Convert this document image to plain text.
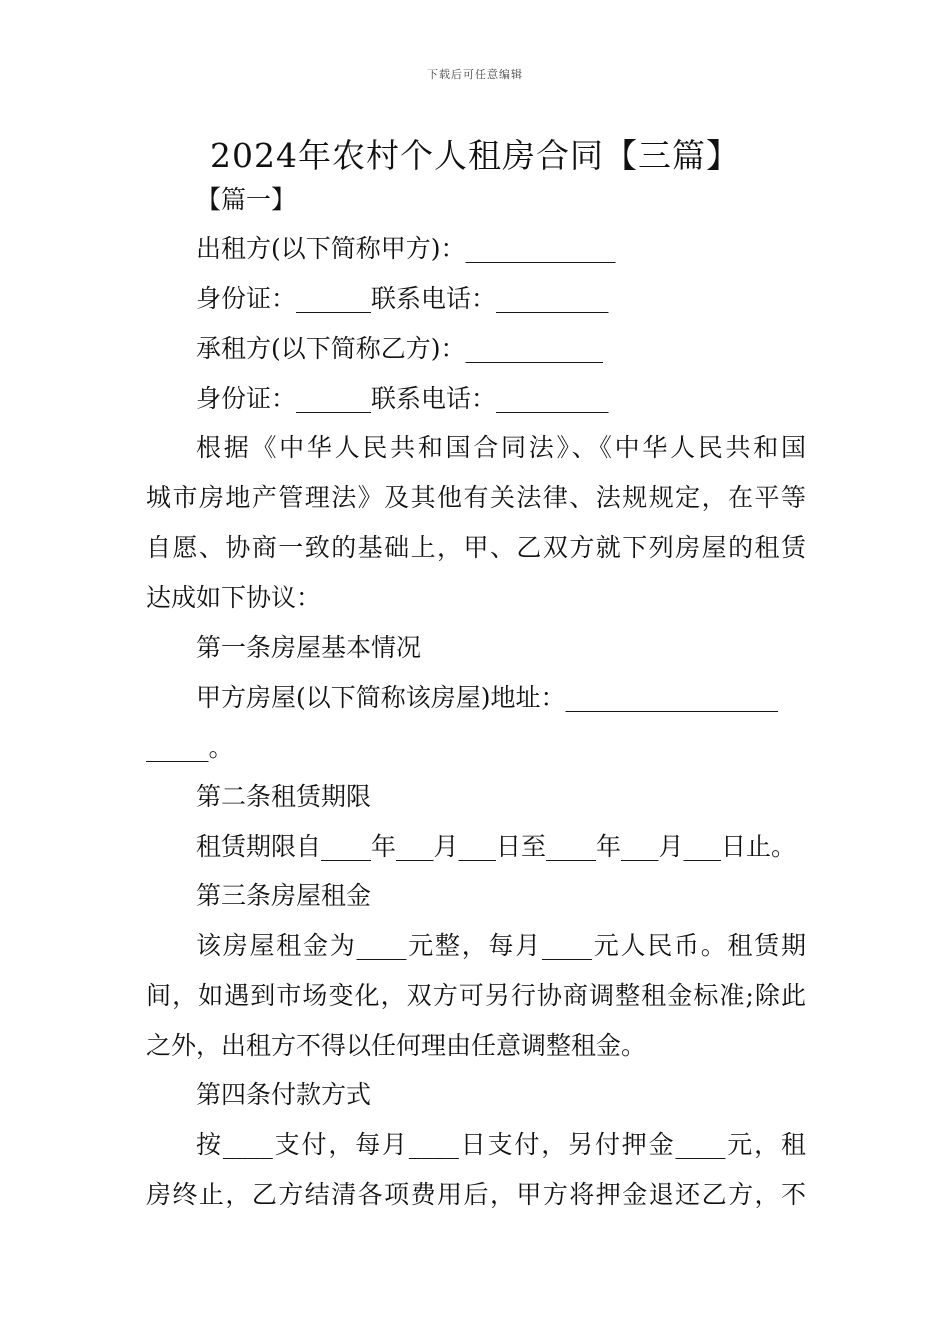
下载后可任意编辑
2024年农村个人租房合同【三篇】
【篇一】
出租方(以下简称甲方)：____________
身份证：______联系电话：_________
承租方(以下简称乙方)：___________
身份证：______联系电话：_________
根据《中华人民共和国合同法》、《中华人民共和国
城市房地产管理法》及其他有关法律、法规规定，在平等
自愿、协商一致的基础上，甲、乙双方就下列房屋的租赁
达成如下协议：
第一条房屋基本情况
甲方房屋(以下简称该房屋)地址：_________________
_____。
第二条租赁期限
租赁期限自____年___月___日至____年___月___日止。
第三条房屋租金
该房屋租金为____元整，每月____元人民币。租赁期
间，如遇到市场变化，双方可另行协商调整租金标准;除此
之外，出租方不得以任何理由任意调整租金。
第四条付款方式
按____支付，每月____日支付，另付押金____元，租
房终止，乙方结清各项费用后，甲方将押金退还乙方，不
